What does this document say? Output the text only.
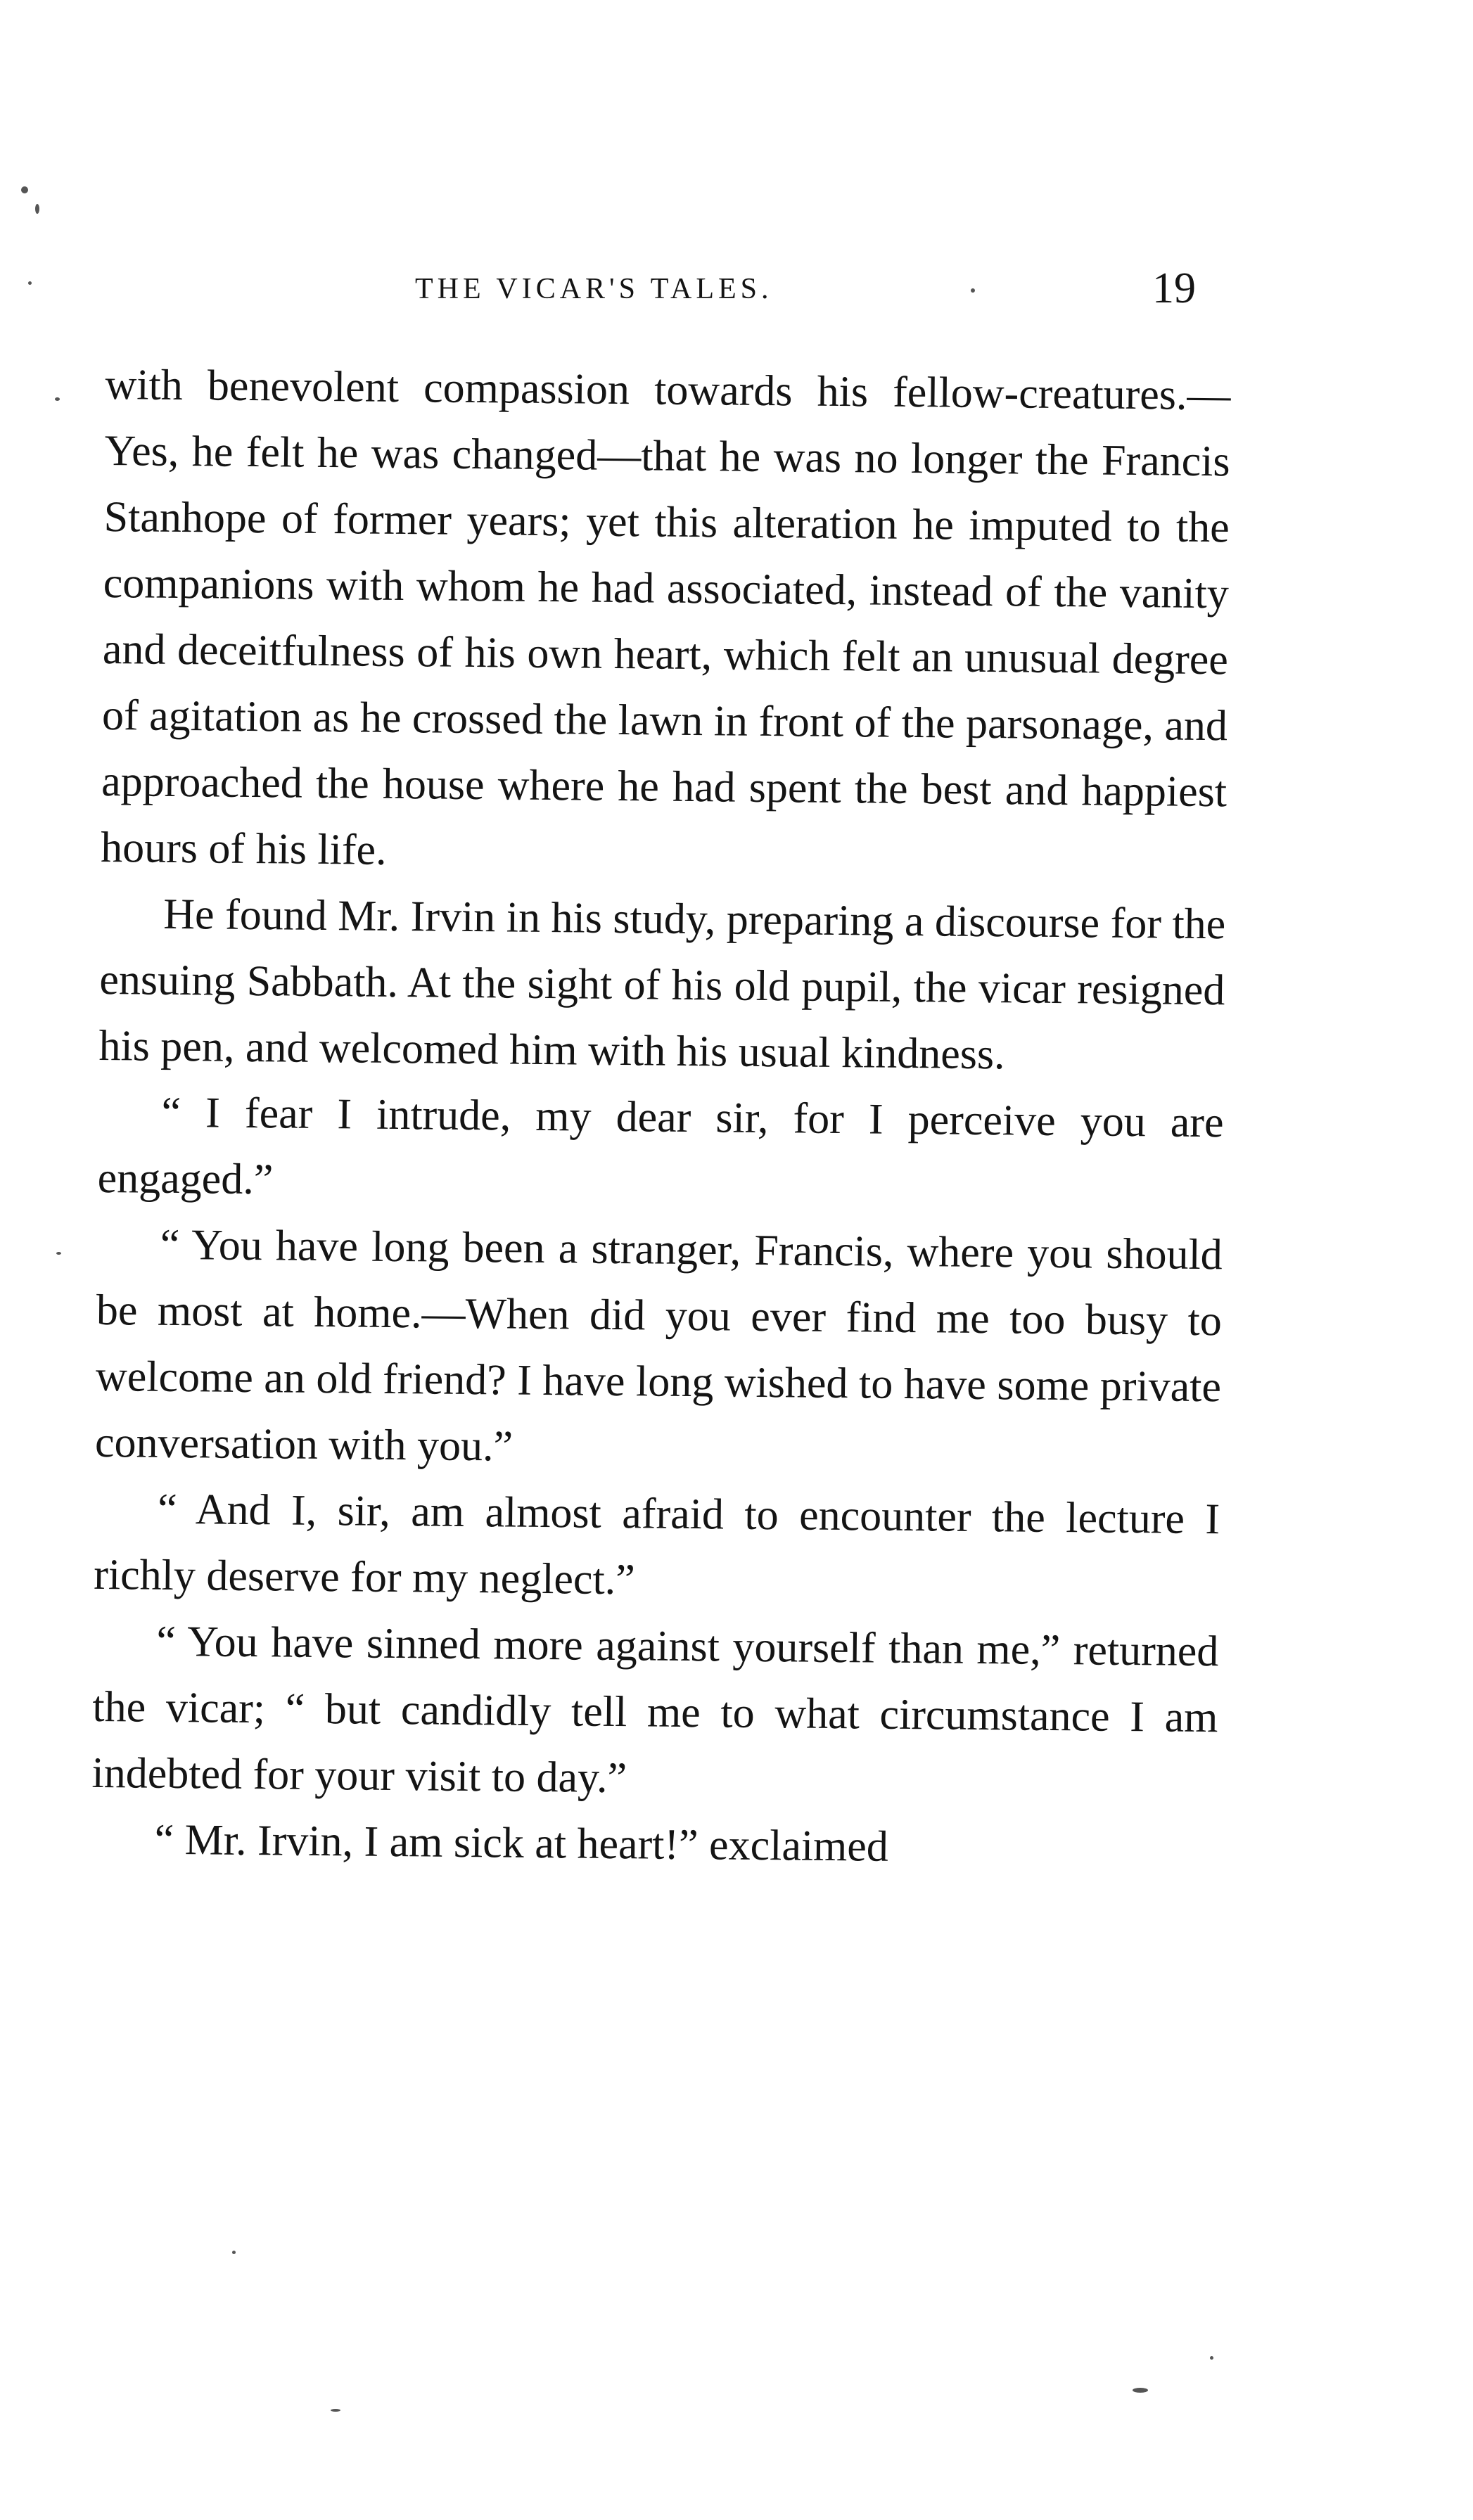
THE VICAR'S TALES.	19

with benevolent compassion towards his fellow-creatures.—Yes, he felt he was changed—that he was no longer the Francis Stanhope of former years; yet this alteration he imputed to the companions with whom he had associated, instead of the vanity and deceitfulness of his own heart, which felt an unusual degree of agitation as he crossed the lawn in front of the parsonage, and approached the house where he had spent the best and happiest hours of his life.

He found Mr. Irvin in his study, preparing a discourse for the ensuing Sabbath. At the sight of his old pupil, the vicar resigned his pen, and welcomed him with his usual kindness.

“ I fear I intrude, my dear sir, for I perceive you are engaged.”

“ You have long been a stranger, Francis, where you should be most at home.—When did you ever find me too busy to welcome an old friend? I have long wished to have some private conversation with you.”

“ And I, sir, am almost afraid to encounter the lecture I richly deserve for my neglect.”

“ You have sinned more against yourself than me,” returned the vicar; “ but candidly tell me to what circumstance I am indebted for your visit to day.”

“ Mr. Irvin, I am sick at heart!” exclaimed
